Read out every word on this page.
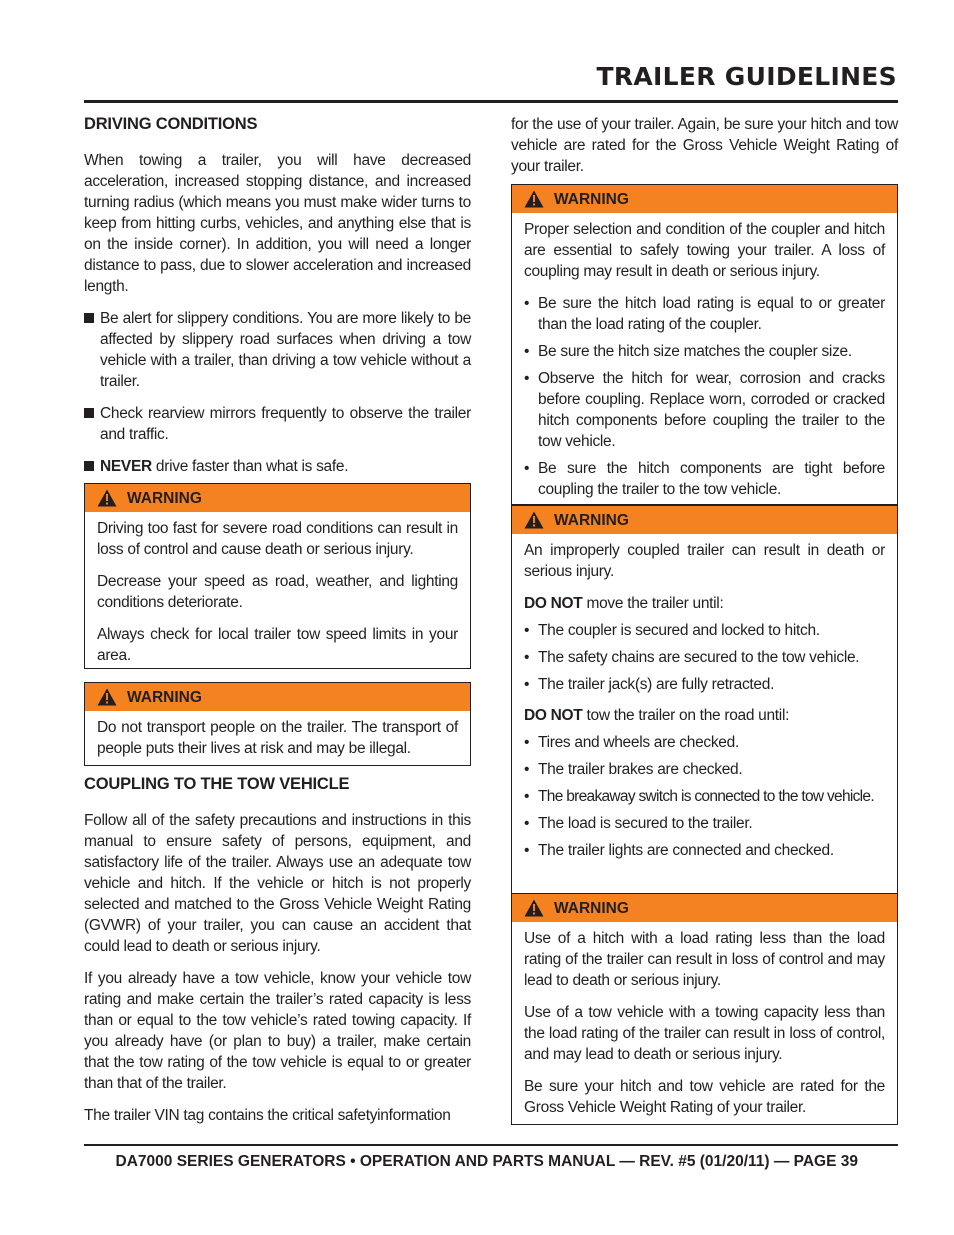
TRAILER GUIDELINES
DRIVING CONDITIONS

When towing a trailer, you will have decreased acceleration, increased stopping distance, and increased turning radius (which means you must make wider turns to keep from hitting curbs, vehicles, and anything else that is on the inside corner). In addition, you will need a longer distance to pass, due to slower acceleration and increased length.

Be alert for slippery conditions. You are more likely to be affected by slippery road surfaces when driving a tow vehicle with a trailer, than driving a tow vehicle without a trailer.
Check rearview mirrors frequently to observe the trailer and traffic.
NEVER drive faster than what is safe.
WARNING

Driving too fast for severe road conditions can result in loss of control and cause death or serious injury.

Decrease your speed as road, weather, and lighting conditions deteriorate.

Always check for local trailer tow speed limits in your area.

WARNING

Do not transport people on the trailer. The transport of people puts their lives at risk and may be illegal.

COUPLING TO THE TOW VEHICLE

Follow all of the safety precautions and instructions in this manual to ensure safety of persons, equipment, and satisfactory life of the trailer. Always use an adequate tow vehicle and hitch. If the vehicle or hitch is not properly selected and matched to the Gross Vehicle Weight Rating (GVWR) of your trailer, you can cause an accident that could lead to death or serious injury.

If you already have a tow vehicle, know your vehicle tow rating and make certain the trailer’s rated capacity is less than or equal to the tow vehicle’s rated towing capacity. If you already have (or plan to buy) a trailer, make certain that the tow rating of the tow vehicle is equal to or greater than that of the trailer.

The trailer VIN tag contains the critical safetyinformation

for the use of your trailer. Again, be sure your hitch and tow vehicle are rated for the Gross Vehicle Weight Rating of your trailer.

WARNING

Proper selection and condition of the coupler and hitch are essential to safely towing your trailer. A loss of coupling may result in death or serious injury.

• Be sure the hitch load rating is equal to or greater than the load rating of the coupler.
• Be sure the hitch size matches the coupler size.
• Observe the hitch for wear, corrosion and cracks before coupling. Replace worn, corroded or cracked hitch components before coupling the trailer to the tow vehicle.
• Be sure the hitch components are tight before coupling the trailer to the tow vehicle.
WARNING

An improperly coupled trailer can result in death or serious injury.

DO NOT move the trailer until:

• The coupler is secured and locked to hitch.
• The safety chains are secured to the tow vehicle.
• The trailer jack(s) are fully retracted.

DO NOT tow the trailer on the road until:

• Tires and wheels are checked.
• The trailer brakes are checked.
• The breakaway switch is connected to the tow vehicle.
• The load is secured to the trailer.
• The trailer lights are connected and checked.
WARNING

Use of a hitch with a load rating less than the load rating of the trailer can result in loss of control and may lead to death or serious injury.

Use of a tow vehicle with a towing capacity less than the load rating of the trailer can result in loss of control, and may lead to death or serious injury.

Be sure your hitch and tow vehicle are rated for the Gross Vehicle Weight Rating of your trailer.

DA7000 SERIES GENERATORS • OPERATION AND PARTS MANUAL — REV. #5 (01/20/11) — PAGE 39
